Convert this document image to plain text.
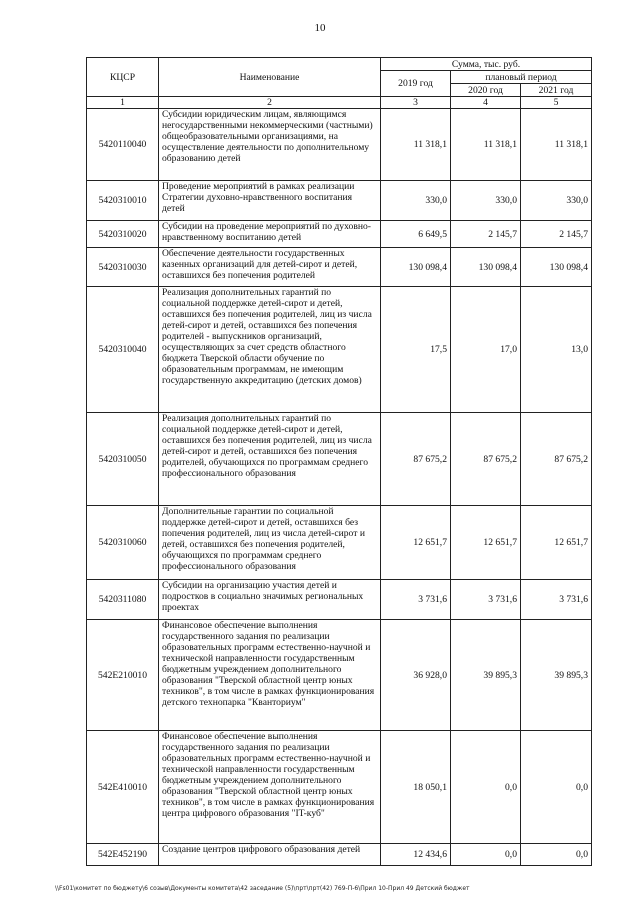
10
КЦСР	Наименование	Сумма, тыс. руб.		
		2019 год	плановый период	
			2020 год	2021 год
1	2	3	4	5
5420110040	Субсидии юридическим лицам, являющимся негосударственными некоммерческими (частными) общеобразовательными организациями, на осуществление деятельности по дополнительному образованию детей	11 318,1	11 318,1	11 318,1
5420310010	Проведение мероприятий в рамках реализации Стратегии духовно-нравственного воспитания детей	330,0	330,0	330,0
5420310020	Субсидии на проведение мероприятий по духовно-нравственному воспитанию детей	6 649,5	2 145,7	2 145,7
5420310030	Обеспечение деятельности государственных казенных организаций для детей-сирот и детей, оставшихся без попечения родителей	130 098,4	130 098,4	130 098,4
5420310040	Реализация дополнительных гарантий по социальной поддержке детей-сирот и детей, оставшихся без попечения родителей, лиц из числа детей-сирот и детей, оставшихся без попечения родителей - выпускников организаций, осуществляющих за счет средств областного бюджета Тверской области обучение по образовательным программам, не имеющим государственную аккредитацию (детских домов)	17,5	17,0	13,0
5420310050	Реализация дополнительных гарантий по социальной поддержке детей-сирот и детей, оставшихся без попечения родителей, лиц из числа детей-сирот и детей, оставшихся без попечения родителей, обучающихся по программам среднего профессионального образования	87 675,2	87 675,2	87 675,2
5420310060	Дополнительные гарантии по социальной поддержке детей-сирот и детей, оставшихся без попечения родителей, лиц из числа детей-сирот и детей, оставшихся без попечения родителей, обучающихся по программам среднего профессионального образования	12 651,7	12 651,7	12 651,7
5420311080	Субсидии на организацию участия детей и подростков в социально значимых региональных проектах	3 731,6	3 731,6	3 731,6
542E210010	Финансовое обеспечение выполнения государственного задания по реализации образовательных программ естественно-научной и технической направленности государственным бюджетным учреждением дополнительного образования "Тверской областной центр юных техников", в том числе в рамках функционирования детского технопарка "Кванториум"	36 928,0	39 895,3	39 895,3
542E410010	Финансовое обеспечение выполнения государственного задания по реализации образовательных программ естественно-научной и технической направленности государственным бюджетным учреждением дополнительного образования "Тверской областной центр юных техников", в том числе в рамках функционирования центра цифрового образования "IT-куб"	18 050,1	0,0	0,0
542E452190	Создание центров цифрового образования детей	12 434,6	0,0	0,0
\\Fs01\комитет по бюджету\6 созыв\Документы комитета\42 заседание (5)\прт\прт(42) 769-П-6\Прил 10-Прил 49 Детский бюджет
